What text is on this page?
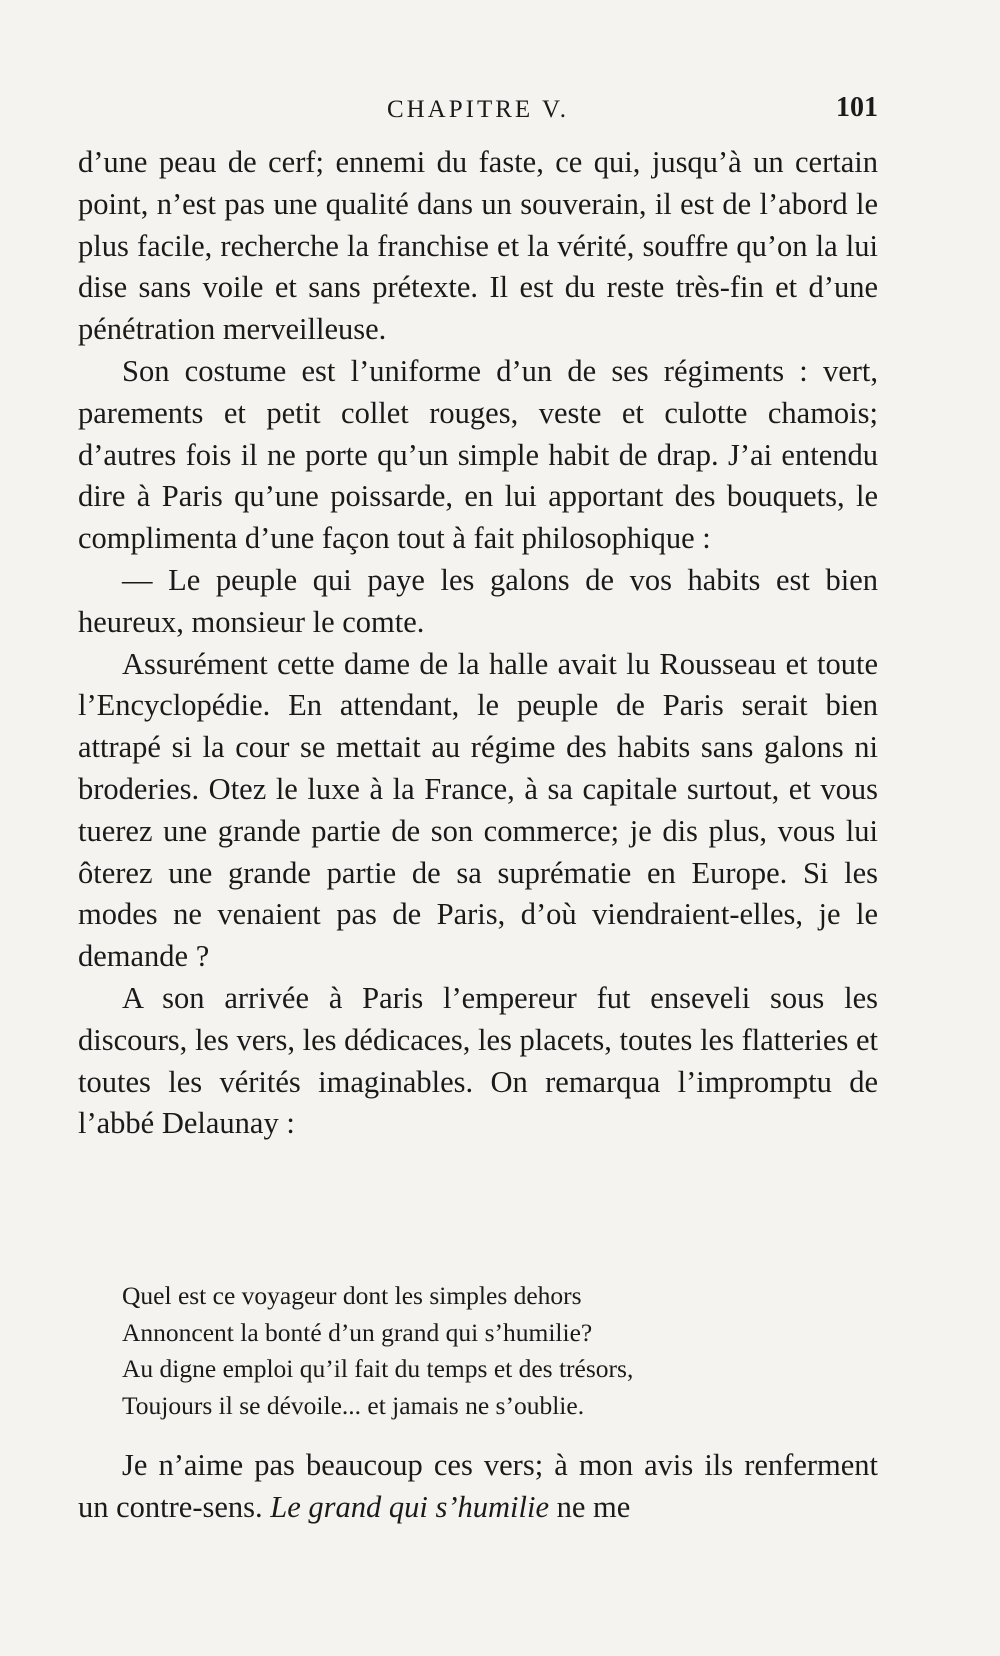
CHAPITRE V.	101

d’une peau de cerf; ennemi du faste, ce qui, jusqu’à un certain point, n’est pas une qualité dans un souverain, il est de l’abord le plus facile, recherche la franchise et la vérité, souffre qu’on la lui dise sans voile et sans prétexte. Il est du reste très-fin et d’une pénétration merveilleuse.

Son costume est l’uniforme d’un de ses régiments : vert, parements et petit collet rouges, veste et culotte chamois; d’autres fois il ne porte qu’un simple habit de drap. J’ai entendu dire à Paris qu’une poissarde, en lui apportant des bouquets, le complimenta d’une façon tout à fait philosophique :

— Le peuple qui paye les galons de vos habits est bien heureux, monsieur le comte.

Assurément cette dame de la halle avait lu Rousseau et toute l’Encyclopédie. En attendant, le peuple de Paris serait bien attrapé si la cour se mettait au régime des habits sans galons ni broderies. Otez le luxe à la France, à sa capitale surtout, et vous tuerez une grande partie de son commerce; je dis plus, vous lui ôterez une grande partie de sa suprématie en Europe. Si les modes ne venaient pas de Paris, d’où viendraient-elles, je le demande ?

A son arrivée à Paris l’empereur fut enseveli sous les discours, les vers, les dédicaces, les placets, toutes les flatteries et toutes les vérités imaginables. On remarqua l’impromptu de l’abbé Delaunay :

Quel est ce voyageur dont les simples dehors
Annoncent la bonté d’un grand qui s’humilie?
Au digne emploi qu’il fait du temps et des trésors,
Toujours il se dévoile... et jamais ne s’oublie.

Je n’aime pas beaucoup ces vers; à mon avis ils renferment un contre-sens. Le grand qui s’humilie ne me
